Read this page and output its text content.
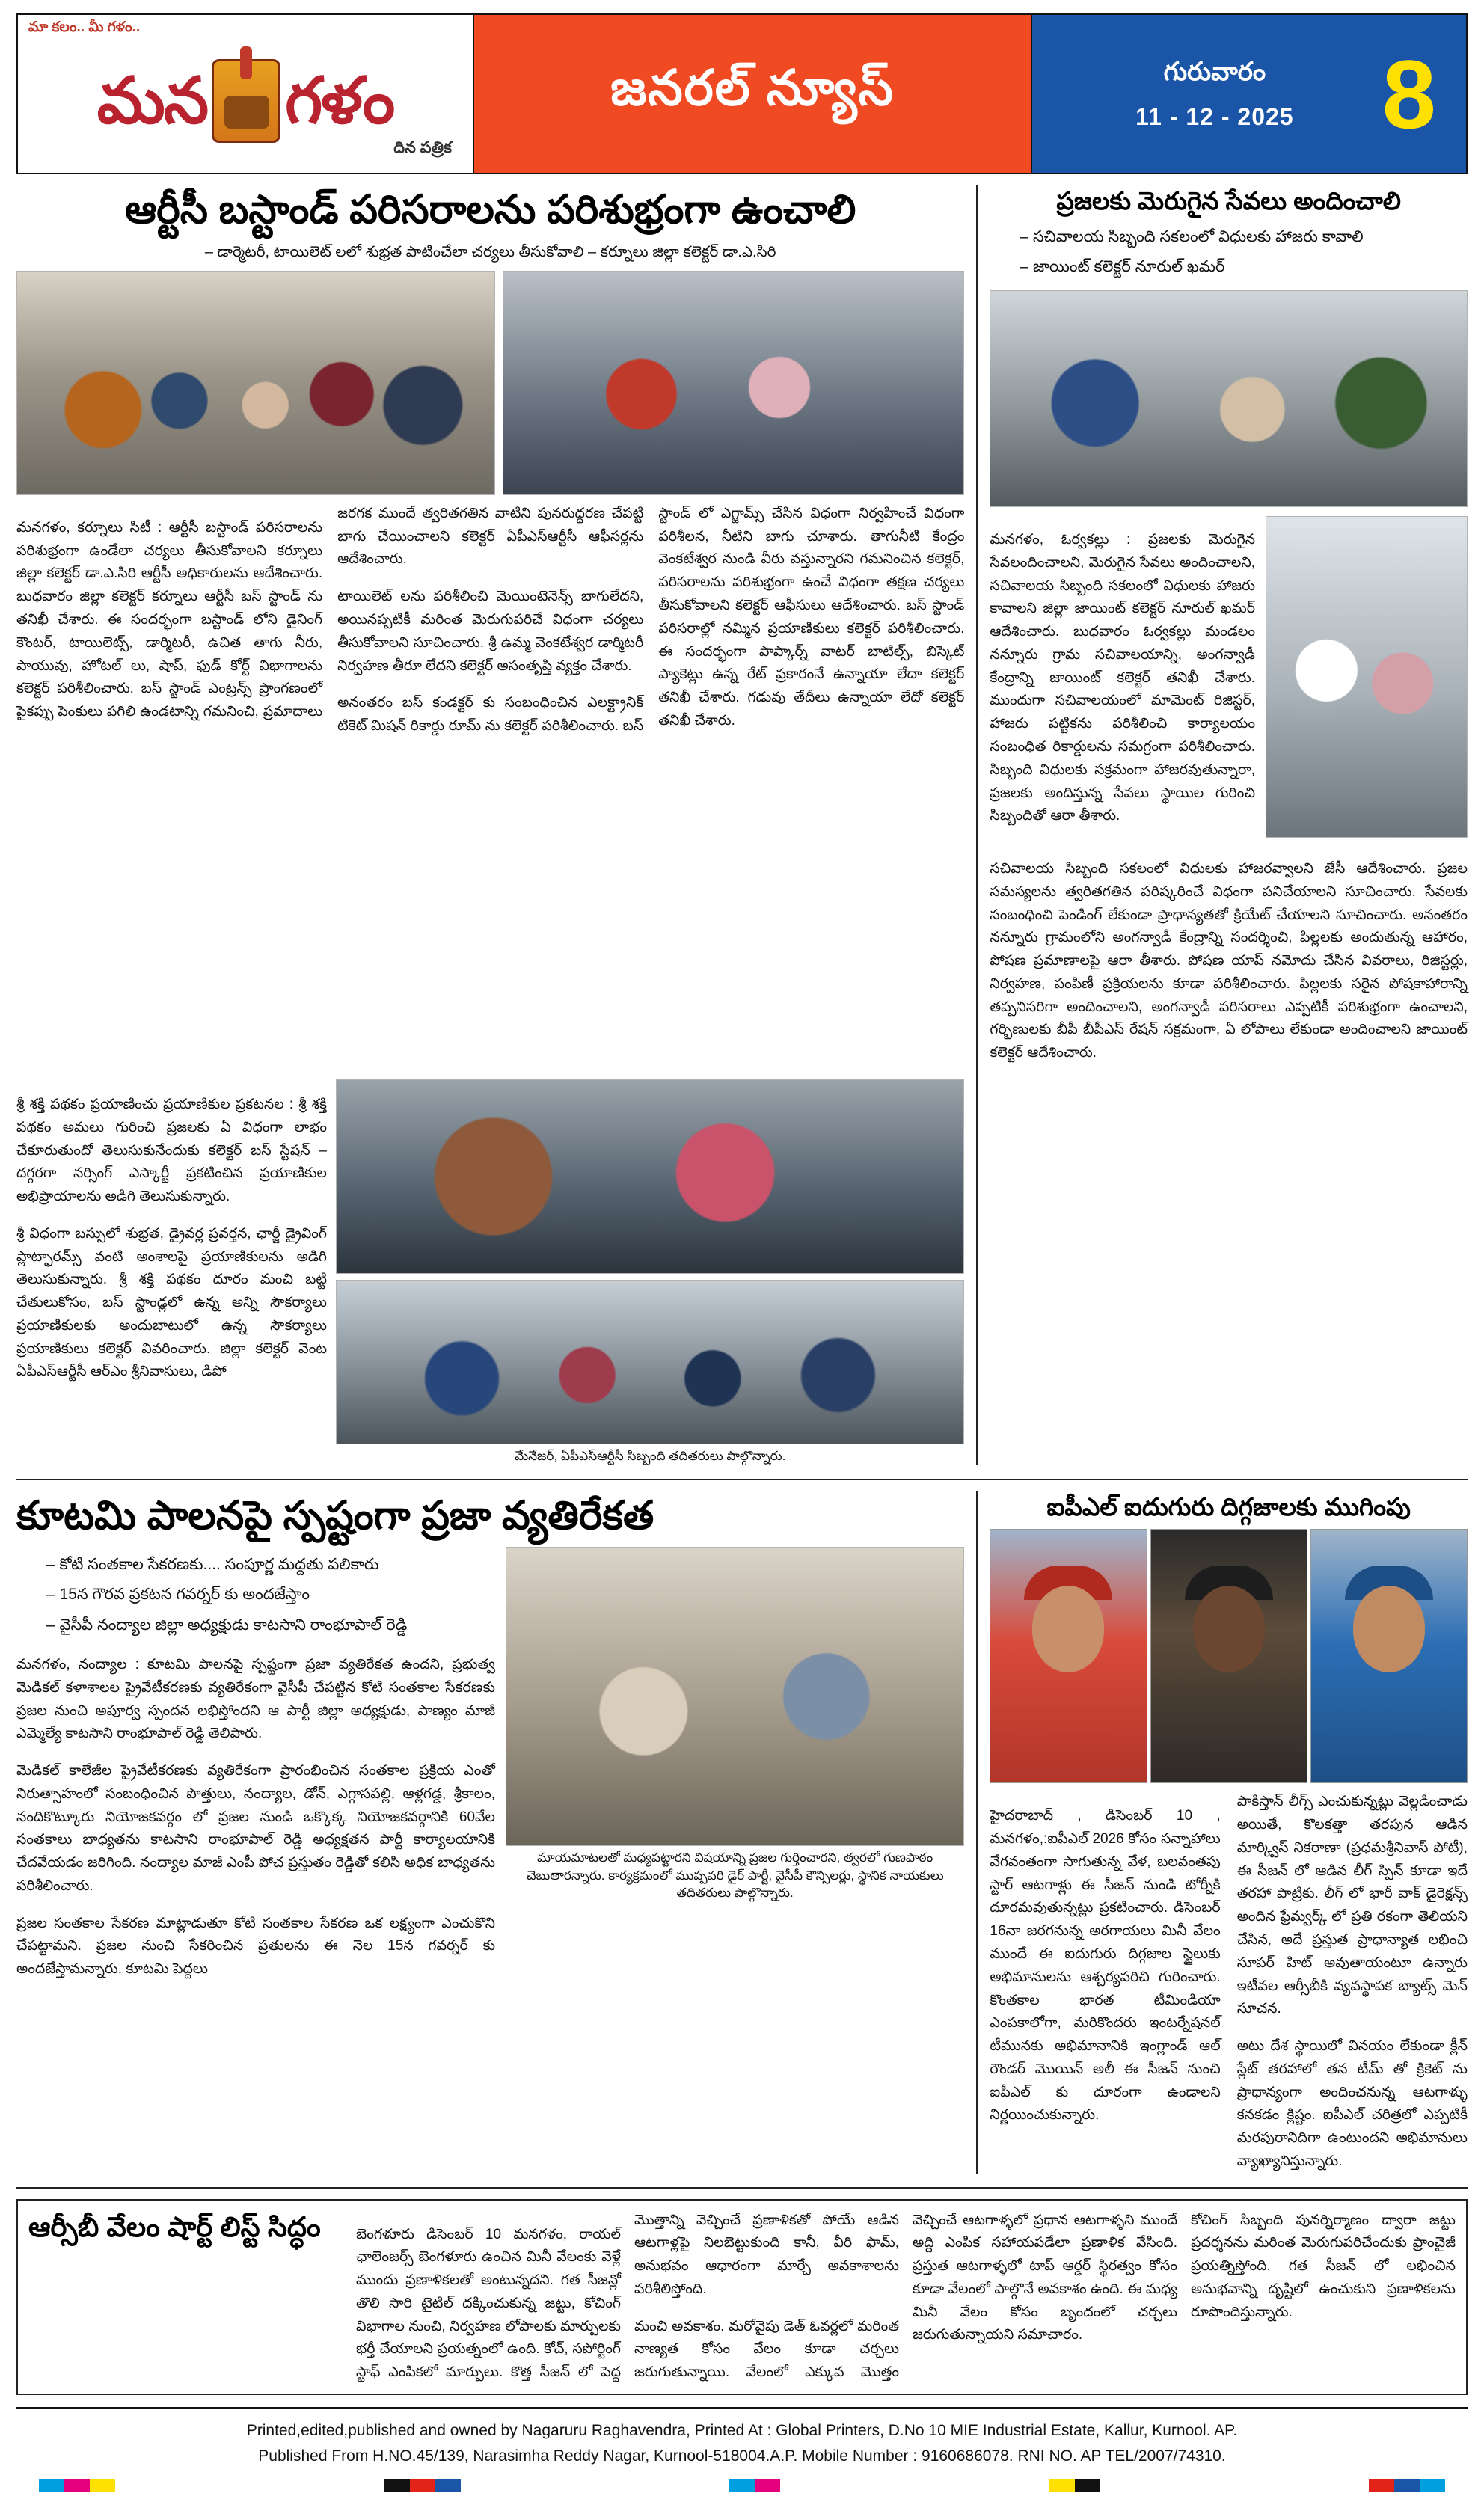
మా కలం.. మీ గళం..
మన గళం
దిన పత్రిక
జనరల్ న్యూస్	గురువారం
11 - 12 - 2025 8
ఆర్టీసీ బస్టాండ్ పరిసరాలను పరిశుభ్రంగా ఉంచాలి
– డార్మెటరీ, టాయిలెట్ లలో శుభ్రత పాటించేలా చర్యలు తీసుకోవాలి – కర్నూలు జిల్లా కలెక్టర్ డా.ఎ.సిరి

మనగళం, కర్నూలు సిటీ : ఆర్టీసీ బస్టాండ్ పరిసరాలను పరిశుభ్రంగా ఉండేలా చర్యలు తీసుకోవాలని కర్నూలు జిల్లా కలెక్టర్ డా.ఎ.సిరి ఆర్టీసీ అధికారులను ఆదేశించారు. బుధవారం జిల్లా కలెక్టర్ కర్నూలు ఆర్టీసీ బస్ స్టాండ్ ను తనిఖీ చేశారు. ఈ సందర్భంగా బస్టాండ్ లోని డైనింగ్ కౌంటర్, టాయిలెట్స్, డార్మిటరీ, ఉచిత తాగు నీరు, పాయువు, హోటల్ లు, షాప్, ఫుడ్ కోర్ట్ విభాగాలను కలెక్టర్ పరిశీలించారు. బస్ స్టాండ్ ఎంట్రన్స్ ప్రాంగణంలో పైకప్పు పెంకులు పగిలి ఉండటాన్ని గమనించి, ప్రమాదాలు జరగక ముందే త్వరితగతిన వాటిని పునరుద్ధరణ చేపట్టి బాగు చేయించాలని కలెక్టర్ ఏపీఎస్ఆర్టీసీ ఆఫీసర్లను ఆదేశించారు.

టాయిలెట్ లను పరిశీలించి మెయింటెనెన్స్ బాగులేదని, అయినప్పటికీ మరింత మెరుగుపరిచే విధంగా చర్యలు తీసుకోవాలని సూచించారు. శ్రీ ఉమ్మ వెంకటేశ్వర డార్మిటరీ నిర్వహణ తీరూ లేదని కలెక్టర్ అసంతృప్తి వ్యక్తం చేశారు.

అనంతరం బస్ కండక్టర్ కు సంబంధించిన ఎలక్ట్రానిక్ టికెట్ మిషన్ రికార్డు రూమ్ ను కలెక్టర్ పరిశీలించారు. బస్ స్టాండ్ లో ఎగ్జామ్స్ చేసిన విధంగా నిర్వహించే విధంగా పరిశీలన, నీటిని బాగు చూశారు. తాగునీటి కేంద్రం వెంకటేశ్వర నుండి వీరు వస్తున్నారని గమనించిన కలెక్టర్, పరిసరాలను పరిశుభ్రంగా ఉంచే విధంగా తక్షణ చర్యలు తీసుకోవాలని కలెక్టర్ ఆఫీసులు ఆదేశించారు. బస్ స్టాండ్ పరిసరాల్లో నమ్మిన ప్రయాణికులు కలెక్టర్ పరిశీలించారు. ఈ సందర్భంగా పాప్కార్న్ వాటర్ బాటిల్స్, బిస్కెట్ ప్యాకెట్లు ఉన్న రేట్ ప్రకారంనే ఉన్నాయా లేదా కలెక్టర్ తనిఖీ చేశారు. గడువు తేదీలు ఉన్నాయా లేదో కలెక్టర్ తనిఖీ చేశారు.

ప్రజలకు మెరుగైన సేవలు అందించాలి
– సచివాలయ సిబ్బంది సకలంలో విధులకు హాజరు కావాలి
– జాయింట్ కలెక్టర్ నూరుల్ ఖమర్

మనగళం, ఓర్వకల్లు : ప్రజలకు మెరుగైన సేవలందించాలని, మెరుగైన సేవలు అందించాలని, సచివాలయ సిబ్బంది సకలంలో విధులకు హాజరు కావాలని జిల్లా జాయింట్ కలెక్టర్ నూరుల్ ఖమర్ ఆదేశించారు. బుధవారం ఓర్వకల్లు మండలం నన్నూరు గ్రామ సచివాలయాన్ని, అంగన్వాడీ కేంద్రాన్ని జాయింట్ కలెక్టర్ తనిఖీ చేశారు. ముందుగా సచివాలయంలో మామెంట్ రిజిస్టర్, హాజరు పట్టికను పరిశీలించి కార్యాలయం సంబంధిత రికార్డులను సమగ్రంగా పరిశీలించారు. సిబ్బంది విధులకు సక్రమంగా హాజరవుతున్నారా, ప్రజలకు అందిస్తున్న సేవలు స్థాయిల గురించి సిబ్బందితో ఆరా తీశారు.

సచివాలయ సిబ్బంది సకలంలో విధులకు హాజరవ్వాలని జేసీ ఆదేశించారు. ప్రజల సమస్యలను త్వరితగతిన పరిష్కరించే విధంగా పనిచేయాలని సూచించారు. సేవలకు సంబంధించి పెండింగ్ లేకుండా ప్రాధాన్యతతో క్రియేట్ చేయాలని సూచించారు. అనంతరం నన్నూరు గ్రామంలోని అంగన్వాడీ కేంద్రాన్ని సందర్శించి, పిల్లలకు అందుతున్న ఆహారం, పోషణ ప్రమాణాలపై ఆరా తీశారు. పోషణ యాప్ నమోదు చేసిన వివరాలు, రిజిస్టర్లు, నిర్వహణ, పంపిణీ ప్రక్రియలను కూడా పరిశీలించారు. పిల్లలకు సరైన పోషకాహారాన్ని తప్పనిసరిగా అందించాలని, అంగన్వాడీ పరిసరాలు ఎప్పటికీ పరిశుభ్రంగా ఉంచాలని, గర్భిణులకు బీపీ బీపీఎస్ రేషన్ సక్రమంగా, ఏ లోపాలు లేకుండా అందించాలని జాయింట్ కలెక్టర్ ఆదేశించారు.

శ్రీ శక్తి పథకం ప్రయాణించు ప్రయాణికుల ప్రకటనల : శ్రీ శక్తి పథకం అమలు గురించి ప్రజలకు ఏ విధంగా లాభం చేకూరుతుందో తెలుసుకునేందుకు కలెక్టర్ బస్ స్టేషన్ – దగ్గరగా నర్సింగ్ ఎస్కార్టీ ప్రకటించిన ప్రయాణికుల అభిప్రాయాలను అడిగి తెలుసుకున్నారు.

శ్రీ విధంగా బస్సులో శుభ్రత, డ్రైవర్ల ప్రవర్తన, ఛార్జీ డ్రైవింగ్ ప్లాట్ఫారమ్స్ వంటి అంశాలపై ప్రయాణికులను అడిగి తెలుసుకున్నారు. శ్రీ శక్తి పథకం దూరం మంచి బట్టి చేతులుకోసం, బస్ స్టాండ్లలో ఉన్న అన్ని సౌకర్యాలు ప్రయాణికులకు అందుబాటులో ఉన్న సౌకర్యాలు ప్రయాణికులు కలెక్టర్ వివరించారు. జిల్లా కలెక్టర్ వెంట ఏపీఎస్ఆర్టీసీ ఆర్ఎం శ్రీనివాసులు, డిపో

మేనేజర్, ఏపీఎస్ఆర్టీసీ సిబ్బంది తదితరులు పాల్గొన్నారు.
కూటమి పాలనపై స్పష్టంగా ప్రజా వ్యతిరేకత
– కోటి సంతకాల సేకరణకు.... సంపూర్ణ మద్దతు పలికారు
– 15న గౌరవ ప్రకటన గవర్నర్ కు అందజేస్తాం
– వైసీపీ నంద్యాల జిల్లా అధ్యక్షుడు కాటసాని రాంభూపాల్ రెడ్డి

మనగళం, నంద్యాల : కూటమి పాలనపై స్పష్టంగా ప్రజా వ్యతిరేకత ఉందని, ప్రభుత్వ మెడికల్ కళాశాలల ప్రైవేటీకరణకు వ్యతిరేకంగా వైసీపీ చేపట్టిన కోటి సంతకాల సేకరణకు ప్రజల నుంచి అపూర్వ స్పందన లభిస్తోందని ఆ పార్టీ జిల్లా అధ్యక్షుడు, పాణ్యం మాజీ ఎమ్మెల్యే కాటసాని రాంభూపాల్ రెడ్డి తెలిపారు.

మెడికల్ కాలేజీల ప్రైవేటీకరణకు వ్యతిరేకంగా ప్రారంభించిన సంతకాల ప్రక్రియ ఎంతో నిరుత్సాహంలో సంబంధించిన పొత్తులు, నంద్యాల, డోన్, ఎగ్గాసపల్లి, ఆళ్లగడ్డ, శ్రీకాలం, నందికొట్కూరు నియోజకవర్గం లో ప్రజల నుండి ఒక్కొక్క నియోజకవర్గానికి 60వేల సంతకాలు బాధ్యతను కాటసాని రాంభూపాల్ రెడ్డి అధ్యక్షతన పార్టీ కార్యాలయానికి చేదవేయడం జరిగింది. నంద్యాల మాజీ ఎంపీ పోచ ప్రస్తుతం రెడ్డితో కలిసి అధిక బాధ్యతను పరిశీలించారు.

ప్రజల సంతకాల సేకరణ మాట్లాడుతూ కోటి సంతకాల సేకరణ ఒక లక్ష్యంగా ఎంచుకొని చేపట్టామని. ప్రజల నుంచి సేకరించిన ప్రతులను ఈ నెల 15న గవర్నర్ కు అందజేస్తామన్నారు. కూటమి పెద్దలు

మాయమాటలతో మధ్యపట్టారని విషయాన్ని ప్రజల గుర్తించారని, త్వరలో గుణపాఠం చెబుతారన్నారు. కార్యక్రమంలో ముప్పవరి డైర్ పార్టీ, వైసీపీ కౌన్సిలర్లు, స్థానిక నాయకులు తదితరులు పాల్గొన్నారు.
ఐపీఎల్ ఐదుగురు దిగ్గజాలకు ముగింపు

హైదరాబాద్ , డిసెంబర్ 10 , మనగళం,:ఐపీఎల్ 2026 కోసం సన్నాహాలు వేగవంతంగా సాగుతున్న వేళ, బలవంతపు స్టార్ ఆటగాళ్లు ఈ సీజన్ నుండి టోర్నీకి దూరమవుతున్నట్లు ప్రకటించారు. డిసెంబర్ 16నా జరగనున్న అరగాయలు మినీ వేలం ముందే ఈ ఐదుగురు దిగ్గజాల స్టైలుకు అభిమానులను ఆశ్చర్యపరిచి గురించారు. కొంతకాల భారత టీమిండియా ఎంపకాలోగా, మరికొందరు ఇంటర్నేషనల్ టీమునకు అభిమానానికి ఇంగ్లాండ్ ఆల్ రౌండర్ మొయిన్ అలీ ఈ సీజన్ నుంచి ఐపీఎల్ కు దూరంగా ఉండాలని నిర్ణయించుకున్నారు.

పాకిస్తాన్ లీగ్స్ ఎంచుకున్నట్లు వెల్లడించాడు అయితే, కొలకత్తా తరపున ఆడిన మార్క్విస్ నికరాణా (ప్రధమశ్రీనివాస్ పోటీ), ఈ సీజన్ లో ఆడిన లీగ్ స్పిన్ కూడా ఇదే తరహా పాట్రికు. లీగ్ లో భారీ వాక్ డైరెక్షన్స్ అందిన ఫ్రేమ్వర్క్ లో ప్రతి రకంగా తెలియని చేసిన, అదే ప్రస్తుత ప్రాధాన్యాత లభించి సూపర్ హిట్ అవుతాయంటూ ఉన్నారు ఇటీవల ఆర్సీబీకి వ్యవస్థాపక బ్యాట్స్ మెన్ సూచన.

అటు దేశ స్థాయిలో వినయం లేకుండా క్లీన్ స్లేట్ తరహాలో తన టీమ్ తో క్రికెట్ ను ప్రాధాన్యంగా అందించనున్న ఆటగాళ్ళు కనకడం క్లిష్టం. ఐపీఎల్ చరిత్రలో ఎప్పటికీ మరపురానిదిగా ఉంటుందని అభిమానులు వ్యాఖ్యానిస్తున్నారు.

ఆర్సీబీ వేలం షార్ట్ లిస్ట్ సిద్ధం	బెంగళూరు డిసెంబర్ 10 మనగళం, రాయల్ ఛాలెంజర్స్ బెంగళూరు ఉంచిన మినీ వేలంకు వెళ్లే ముందు ప్రణాళికలతో అంటున్నదని. గత సీజన్లో తొలి సారి టైటిల్ దక్కించుకున్న జట్టు, కోచింగ్ విభాగాల నుంచి, నిర్వహణ లోపాలకు మార్పులకు భర్తీ చేయాలని ప్రయత్నంలో ఉంది. కోచ్, సపోర్టింగ్ స్టాఫ్ ఎంపికలో మార్పులు. కొత్త సీజన్ లో పెద్ద మొత్తాన్ని వెచ్చించే ప్రణాళికతో పోయే ఆడిన ఆటగాళ్లపై నిలబెట్టుకుంది కానీ, వీరి ఫామ్, అనుభవం ఆధారంగా మార్చే అవకాశాలను పరిశీలిస్తోంది.

మంచి అవకాశం. మరోవైపు డెత్ ఓవర్లలో మరింత నాణ్యత కోసం వేలం కూడా చర్చలు జరుగుతున్నాయి. వేలంలో ఎక్కువ మొత్తం వెచ్చించే ఆటగాళ్ళలో ప్రధాన ఆటగాళ్ళని ముందే అద్ది ఎంపిక సహాయపడేలా ప్రణాళిక వేసింది. ప్రస్తుత ఆటగాళ్ళలో టాప్ ఆర్డర్ స్థిరత్వం కోసం కూడా వేలంలో పాల్గొనే అవకాశం ఉంది. ఈ మధ్య మినీ వేలం కోసం బృందంలో చర్చలు జరుగుతున్నాయని సమాచారం.

కోచింగ్ సిబ్బంది పునర్నిర్మాణం ద్వారా జట్టు ప్రదర్శనను మరింత మెరుగుపరిచేందుకు ఫ్రాంచైజీ ప్రయత్నిస్తోంది. గత సీజన్ లో లభించిన అనుభవాన్ని దృష్టిలో ఉంచుకుని ప్రణాళికలను రూపొందిస్తున్నారు.

Printed,edited,published and owned by Nagaruru Raghavendra, Printed At : Global Printers, D.No 10 MIE Industrial Estate, Kallur, Kurnool. AP.
Published From H.NO.45/139, Narasimha Reddy Nagar, Kurnool-518004.A.P. Mobile Number : 9160686078. RNI NO. AP TEL/2007/74310.
